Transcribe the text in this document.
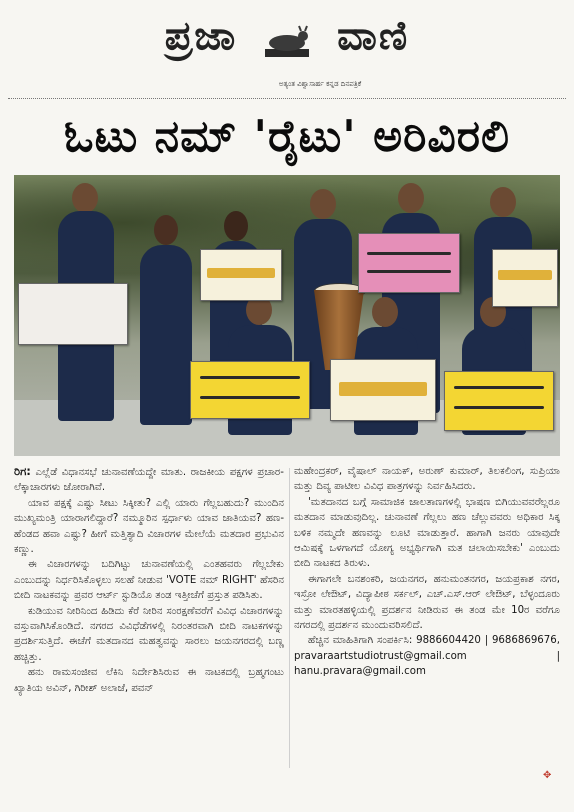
ಪ್ರಜಾ ವಾಣಿ
ಅತ್ಯಂತ ವಿಶ್ವಾಸಾರ್ಹ ಕನ್ನಡ ದಿನಪತ್ರಿಕೆ
ಓಟು ನಮ್ 'ರೈಟು' ಅರಿವಿರಲಿ

ರಿಗ: ಎಲ್ಲೆಡೆ ವಿಧಾನಸಭೆ ಚುನಾವಣೆಯದ್ದೇ ಮಾತು. ರಾಜಕೀಯ ಪಕ್ಷಗಳ ಪ್ರಚಾರ-ಲೆಕ್ಕಾಚಾರಗಳು ಜೋರಾಗಿವೆ.

ಯಾವ ಪಕ್ಷಕ್ಕೆ ಎಷ್ಟು ಸೀಟು ಸಿಕ್ಕೀತು? ಎಲ್ಲಿ ಯಾರು ಗೆಲ್ಲಬಹುದು? ಮುಂದಿನ ಮುಖ್ಯಮಂತ್ರಿ ಯಾರಾಗಲಿದ್ದಾರೆ? ನಮ್ಮೂರಿನ ಸ್ಪರ್ಧಾಳು ಯಾವ ಜಾತಿಯವ? ಹಣ- ಹೆಂಡದ ಹವಾ ಎಷ್ಟು? ಹೀಗೆ ಮತ್ತಿತ್ಯಾದಿ ವಿಚಾರಗಳ ಮೇಲೆಯೆ ಮತದಾರ ಪ್ರಭುವಿನ ಕಣ್ಣು.

ಈ ವಿಚಾರಗಳನ್ನು ಬದಿಗಿಟ್ಟು ಚುನಾವಣೆಯಲ್ಲಿ ಎಂತಹವರು ಗೆಲ್ಲಬೇಕು ಎಂಬುದನ್ನು ನಿರ್ಧರಿಸಿಕೊಳ್ಳಲು ಸಲಹೆ ನೀಡುವ 'VOTE ನಮ್ RIGHT' ಹೆಸರಿನ ಬೀದಿ ನಾಟಕವನ್ನು ಪ್ರವರ ಆರ್ಟ್ ಸ್ಟುಡಿಯೊ ತಂಡ ಇತ್ತೀಚೆಗೆ ಪ್ರಸ್ತುತ ಪಡಿಸಿತು.

ಕುಡಿಯುವ ನೀರಿನಿಂದ ಹಿಡಿದು ಕೆರೆ ನೀರಿನ ಸಂರಕ್ಷಣೆವರೆಗೆ ವಿವಿಧ ವಿಚಾರಗಳನ್ನು ವಸ್ತುವಾಗಿಸಿಕೊಂಡಿದೆ. ನಗರದ ವಿವಿಧೆಡೆಗಳಲ್ಲಿ ನಿರಂತರವಾಗಿ ಬೀದಿ ನಾಟಕಗಳನ್ನು ಪ್ರದರ್ಶಿಸುತ್ತಿದೆ. ಈಚೆಗೆ ಮತದಾನದ ಮಹತ್ವವನ್ನು ಸಾರಲು ಜಯನಗರದಲ್ಲಿ ಬಣ್ಣ ಹಚ್ಚಿತ್ತು.

ಹನು ರಾಮಸಂಜೀವ ಲೆಕಿನಿ ನಿರ್ದೇಶಿಸಿರುವ ಈ ನಾಟಕದಲ್ಲಿ ಬ್ರಹ್ಮಗಂಟು ಖ್ಯಾತಿಯ ಅವಿನ್, ಗಿರೀಶ್ ಅಲಾಜೆ, ಪವನ್

ಮಹೇಂದ್ರಕರ್, ವೈಷಾಲ್ ನಾಯಕ್, ಅರುಣ್ ಕುಮಾರ್, ತಿಲಕಲಿಂಗ, ಸುಪ್ರಿಯಾ ಮತ್ತು ದಿವ್ಯ ಪಾಟೀಲ ವಿವಿಧ ಪಾತ್ರಗಳನ್ನು ನಿರ್ವಹಿಸಿದರು.

'ಮತದಾನದ ಬಗ್ಗೆ ಸಾಮಾಜಿಕ ಜಾಲತಾಣಗಳಲ್ಲಿ ಭಾಷಣ ಬಿಗಿಯುವವರೆಲ್ಲರೂ ಮತದಾನ ಮಾಡುವುದಿಲ್ಲ. ಚುನಾವಣೆ ಗೆಲ್ಲಲು ಹಣ ಚೆಲ್ಲುವವರು ಅಧಿಕಾರ ಸಿಕ್ಕ ಬಳಿಕ ನಮ್ಮದೇ ಹಣವನ್ನು ಲೂಟಿ ಮಾಡುತ್ತಾರೆ. ಹಾಗಾಗಿ ಜನರು ಯಾವುದೇ ಆಮಿಷಕ್ಕೆ ಒಳಗಾಗದೆ ಯೋಗ್ಯ ಅಭ್ಯರ್ಥಿಗಾಗಿ ಮತ ಚಲಾಯಿಸಬೇಕು' ಎಂಬುದು ಬೀದಿ ನಾಟಕದ ತಿರುಳು.

ಈಗಾಗಲೇ ಬನಶಂಕರಿ, ಜಯನಗರ, ಹನುಮಂತನಗರ, ಜಯಪ್ರಕಾಶ ನಗರ, ಇಸ್ರೋ ಲೇಔಟ್, ವಿದ್ಯಾಪೀಠ ಸರ್ಕಲ್, ಎಚ್.ಎಸ್.ಆರ್ ಲೇಔಟ್, ಬೆಳ್ಳಂದೂರು ಮತ್ತು ಮಾರತಹಳ್ಳಿಯಲ್ಲಿ ಪ್ರದರ್ಶನ ನೀಡಿರುವ ಈ ತಂಡ ಮೇ 10ರ ವರೆಗೂ ನಗರದಲ್ಲಿ ಪ್ರದರ್ಶನ ಮುಂದುವರಿಸಲಿದೆ.

ಹೆಚ್ಚಿನ ಮಾಹಿತಿಗಾಗಿ ಸಂಪರ್ಕಿಸಿ: 9886604420 | 9686869676, pravaraartstudiotrust@gmail.com | hanu.pravara@gmail.com

✥
